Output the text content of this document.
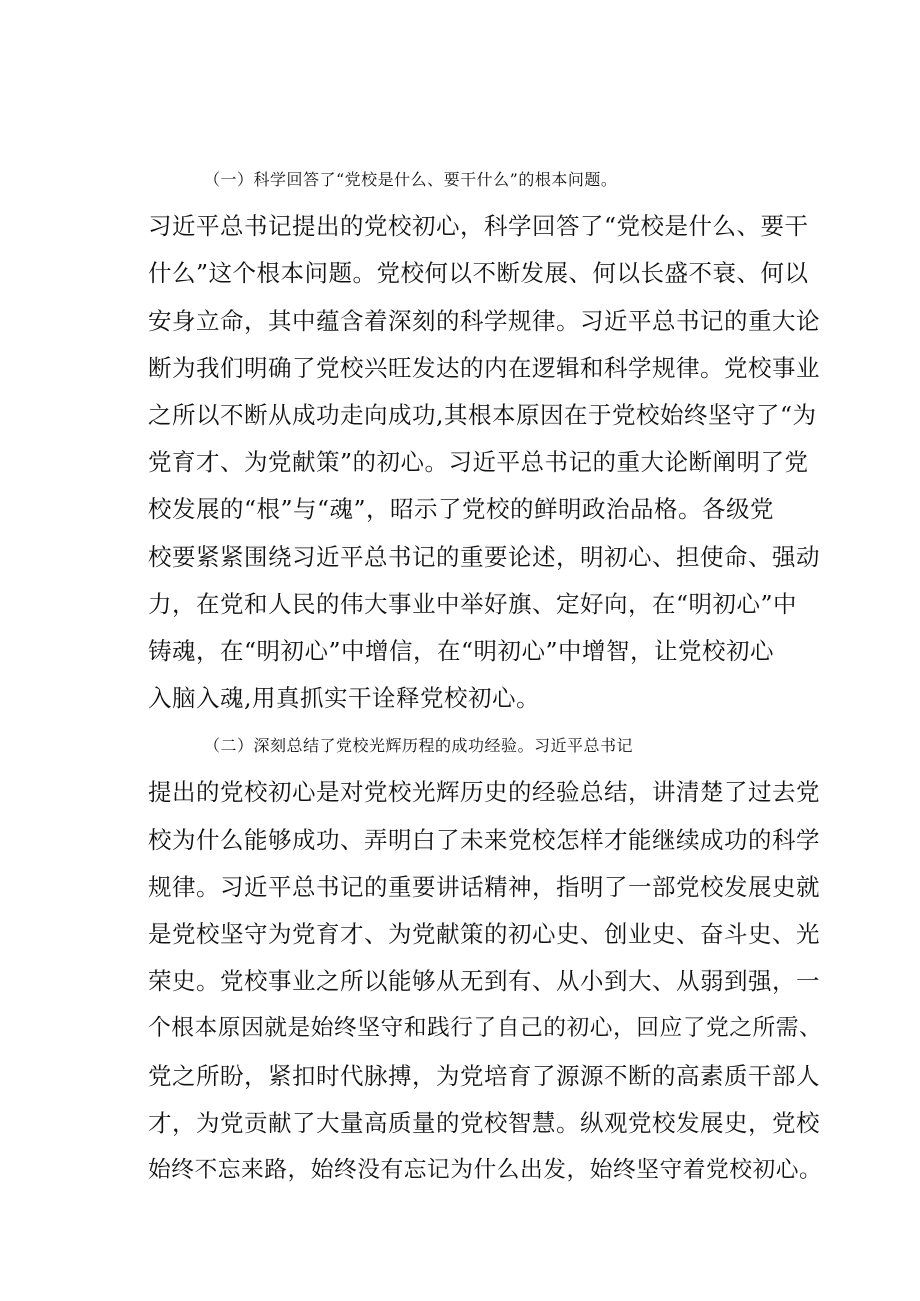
（一）科学回答了“党校是什么、要干什么”的根本问题。
习近平总书记提出的党校初心，科学回答了“党校是什么、要干
什么”这个根本问题。党校何以不断发展、何以长盛不衰、何以
安身立命，其中蕴含着深刻的科学规律。习近平总书记的重大论
断为我们明确了党校兴旺发达的内在逻辑和科学规律。党校事业
之所以不断从成功走向成功,其根本原因在于党校始终坚守了“为
党育才、为党献策”的初心。习近平总书记的重大论断阐明了党
校发展的“根”与“魂”，昭示了党校的鲜明政治品格。各级党
校要紧紧围绕习近平总书记的重要论述，明初心、担使命、强动
力，在党和人民的伟大事业中举好旗、定好向，在“明初心”中
铸魂，在“明初心”中增信，在“明初心”中增智，让党校初心
入脑入魂,用真抓实干诠释党校初心。
（二）深刻总结了党校光辉历程的成功经验。习近平总书记
提出的党校初心是对党校光辉历史的经验总结，讲清楚了过去党
校为什么能够成功、弄明白了未来党校怎样才能继续成功的科学
规律。习近平总书记的重要讲话精神，指明了一部党校发展史就
是党校坚守为党育才、为党献策的初心史、创业史、奋斗史、光
荣史。党校事业之所以能够从无到有、从小到大、从弱到强，一
个根本原因就是始终坚守和践行了自己的初心，回应了党之所需、
党之所盼，紧扣时代脉搏，为党培育了源源不断的高素质干部人
才，为党贡献了大量高质量的党校智慧。纵观党校发展史，党校
始终不忘来路，始终没有忘记为什么出发，始终坚守着党校初心。
